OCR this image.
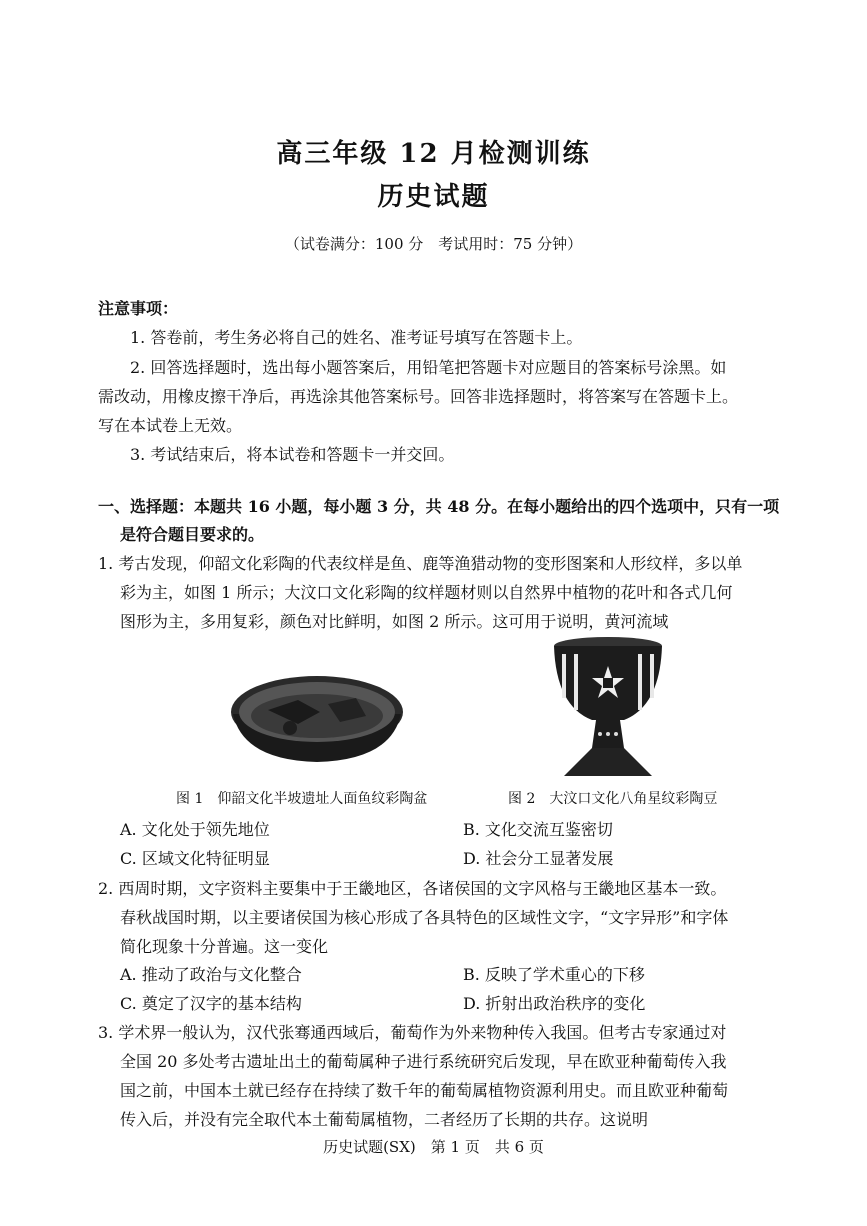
高三年级 12 月检测训练
历史试题
（试卷满分：100 分　考试用时：75 分钟）
注意事项：
1. 答卷前，考生务必将自己的姓名、准考证号填写在答题卡上。
2. 回答选择题时，选出每小题答案后，用铅笔把答题卡对应题目的答案标号涂黑。如
需改动，用橡皮擦干净后，再选涂其他答案标号。回答非选择题时，将答案写在答题卡上。
写在本试卷上无效。
3. 考试结束后，将本试卷和答题卡一并交回。
一、选择题：本题共 16 小题，每小题 3 分，共 48 分。在每小题给出的四个选项中，只有一项
是符合题目要求的。
1. 考古发现，仰韶文化彩陶的代表纹样是鱼、鹿等渔猎动物的变形图案和人形纹样，多以单
彩为主，如图 1 所示；大汶口文化彩陶的纹样题材则以自然界中植物的花叶和各式几何
图形为主，多用复彩，颜色对比鲜明，如图 2 所示。这可用于说明，黄河流域
图 1　仰韶文化半坡遗址人面鱼纹彩陶盆	图 2　大汶口文化八角星纹彩陶豆
A. 文化处于领先地位	B. 文化交流互鉴密切
C. 区域文化特征明显	D. 社会分工显著发展
2. 西周时期，文字资料主要集中于王畿地区，各诸侯国的文字风格与王畿地区基本一致。
春秋战国时期，以主要诸侯国为核心形成了各具特色的区域性文字，“文字异形”和字体
简化现象十分普遍。这一变化
A. 推动了政治与文化整合	B. 反映了学术重心的下移
C. 奠定了汉字的基本结构	D. 折射出政治秩序的变化
3. 学术界一般认为，汉代张骞通西域后，葡萄作为外来物种传入我国。但考古专家通过对
全国 20 多处考古遗址出土的葡萄属种子进行系统研究后发现，早在欧亚种葡萄传入我
国之前，中国本土就已经存在持续了数千年的葡萄属植物资源利用史。而且欧亚种葡萄
传入后，并没有完全取代本土葡萄属植物，二者经历了长期的共存。这说明
历史试题(SX)　第 1 页　共 6 页
